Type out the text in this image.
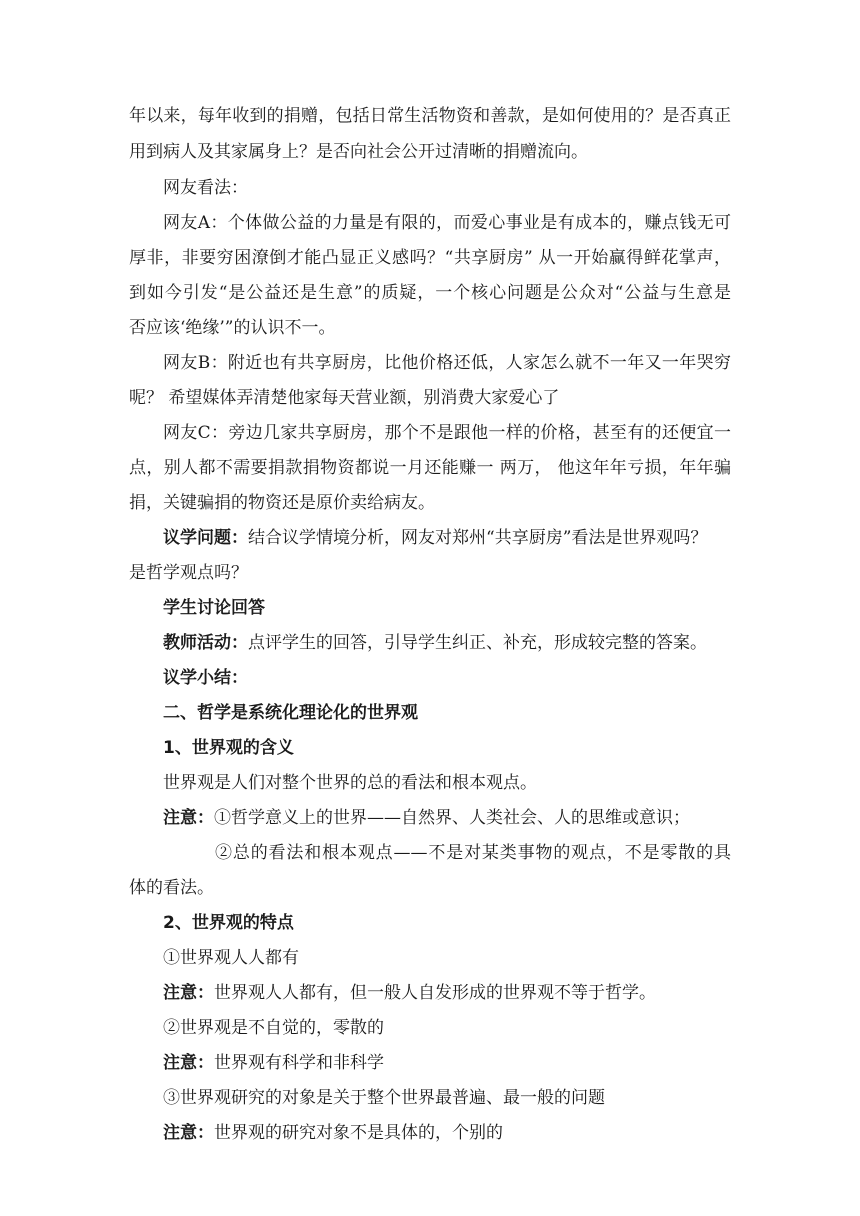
年以来，每年收到的捐赠，包括日常生活物资和善款，是如何使用的？是否真正
用到病人及其家属身上？是否向社会公开过清晰的捐赠流向。
网友看法：
网友A：个体做公益的力量是有限的，而爱心事业是有成本的，赚点钱无可
厚非，非要穷困潦倒才能凸显正义感吗？“共享厨房” 从一开始赢得鲜花掌声，
到如今引发“是公益还是生意”的质疑，一个核心问题是公众对“公益与生意是
否应该‘绝缘’”的认识不一。
网友B：附近也有共享厨房，比他价格还低，人家怎么就不一年又一年哭穷
呢？ 希望媒体弄清楚他家每天营业额，别消费大家爱心了
网友C：旁边几家共享厨房，那个不是跟他一样的价格，甚至有的还便宜一
点，别人都不需要捐款捐物资都说一月还能赚一 两万， 他这年年亏损，年年骗
捐，关键骗捐的物资还是原价卖给病友。
议学问题：结合议学情境分析，网友对郑州“共享厨房”看法是世界观吗？
是哲学观点吗？
学生讨论回答
教师活动：点评学生的回答，引导学生纠正、补充，形成较完整的答案。
议学小结：
二、哲学是系统化理论化的世界观
1、世界观的含义
世界观是人们对整个世界的总的看法和根本观点。
注意：①哲学意义上的世界——自然界、人类社会、人的思维或意识；
②总的看法和根本观点——不是对某类事物的观点，不是零散的具
体的看法。
2、世界观的特点
①世界观人人都有
注意：世界观人人都有，但一般人自发形成的世界观不等于哲学。
②世界观是不自觉的，零散的
注意：世界观有科学和非科学
③世界观研究的对象是关于整个世界最普遍、最一般的问题
注意：世界观的研究对象不是具体的，个别的
